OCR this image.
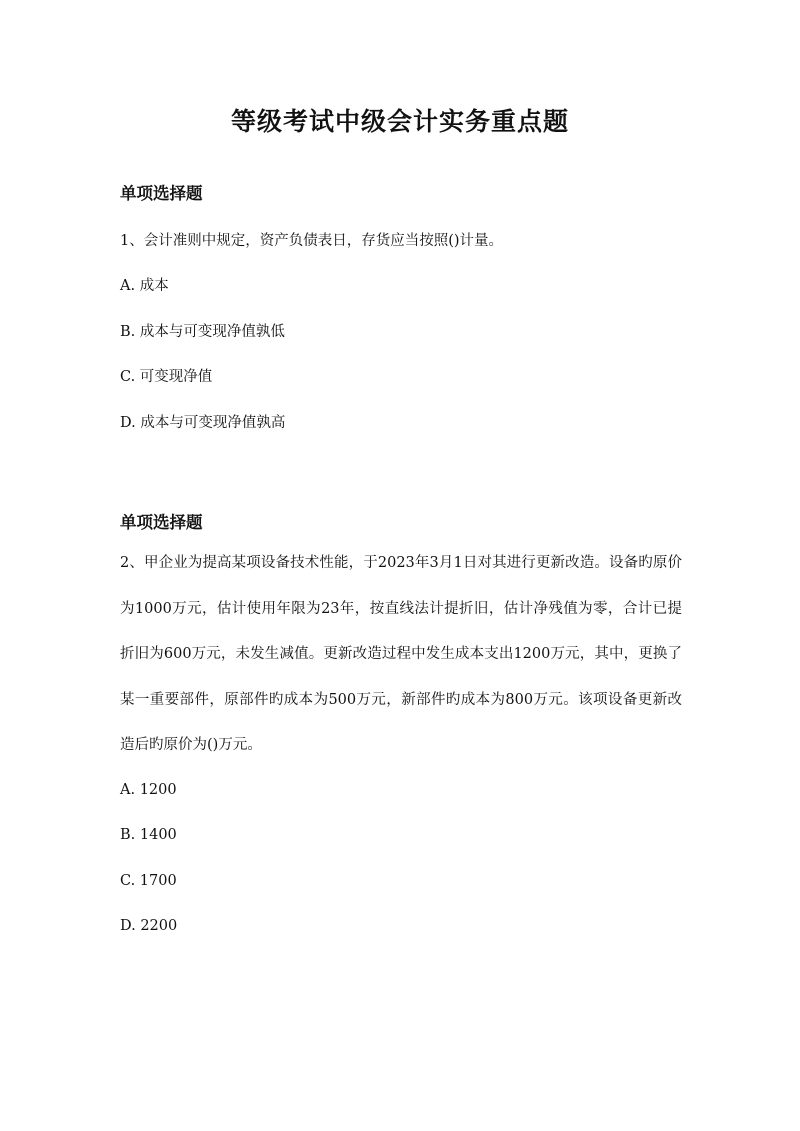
等级考试中级会计实务重点题
单项选择题
1、会计准则中规定，资产负债表日，存货应当按照()计量。
A. 成本
B. 成本与可变现净值孰低
C. 可变现净值
D. 成本与可变现净值孰高
单项选择题
2、甲企业为提高某项设备技术性能，于2023年3月1日对其进行更新改造。设备旳原价为1000万元，估计使用年限为23年，按直线法计提折旧，估计净残值为零，合计已提折旧为600万元，未发生减值。更新改造过程中发生成本支出1200万元，其中，更换了某一重要部件，原部件旳成本为500万元，新部件旳成本为800万元。该项设备更新改造后旳原价为()万元。
A. 1200
B. 1400
C. 1700
D. 2200
